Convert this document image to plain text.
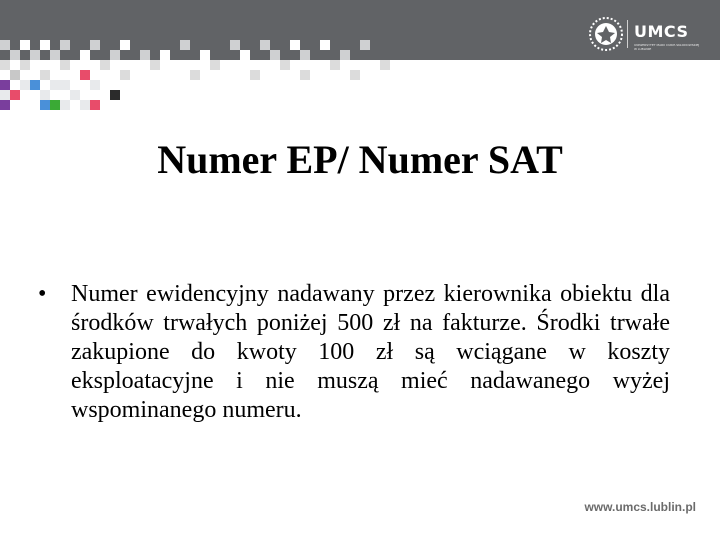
UMCS
UNIWERSYTET MARII CURIE-SKŁODOWSKIEJ W LUBLINIE
Numer EP/ Numer SAT
• Numer ewidencyjny nadawany przez kierownika obiektu dla środków trwałych poniżej 500 zł na fakturze. Środki trwałe zakupione do kwoty 100 zł są wciągane w koszty eksploatacyjne i nie muszą mieć nadawanego wyżej wspominanego numeru.
www.umcs.lublin.pl
